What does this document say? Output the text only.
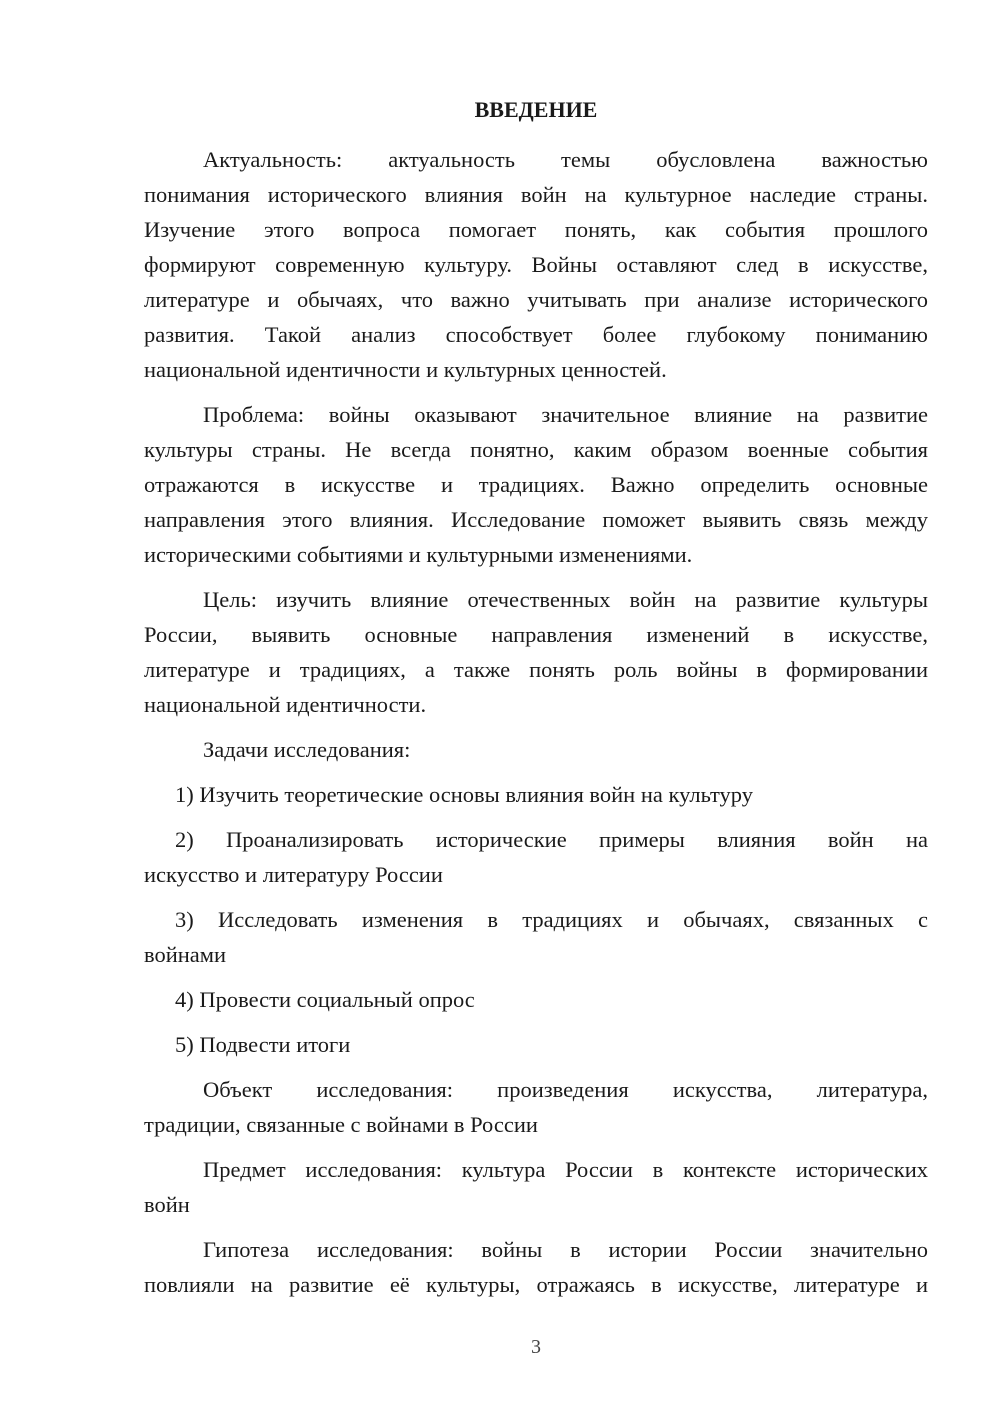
ВВЕДЕНИЕ

Актуальность: актуальность темы обусловлена важностью
понимания исторического влияния войн на культурное наследие страны.
Изучение этого вопроса помогает понять, как события прошлого
формируют современную культуру. Войны оставляют след в искусстве,
литературе и обычаях, что важно учитывать при анализе исторического
развития. Такой анализ способствует более глубокому пониманию
национальной идентичности и культурных ценностей.

Проблема: войны оказывают значительное влияние на развитие
культуры страны. Не всегда понятно, каким образом военные события
отражаются в искусстве и традициях. Важно определить основные
направления этого влияния. Исследование поможет выявить связь между
историческими событиями и культурными изменениями.

Цель: изучить влияние отечественных войн на развитие культуры
России, выявить основные направления изменений в искусстве,
литературе и традициях, а также понять роль войны в формировании
национальной идентичности.

Задачи исследования:

1) Изучить теоретические основы влияния войн на культуру

2) Проанализировать исторические примеры влияния войн на
искусство и литературу России

3) Исследовать изменения в традициях и обычаях, связанных с
войнами

4) Провести социальный опрос

5) Подвести итоги

Объект исследования: произведения искусства, литература,
традиции, связанные с войнами в России

Предмет исследования: культура России в контексте исторических
войн

Гипотеза исследования: войны в истории России значительно
повлияли на развитие её культуры, отражаясь в искусстве, литературе и

3
